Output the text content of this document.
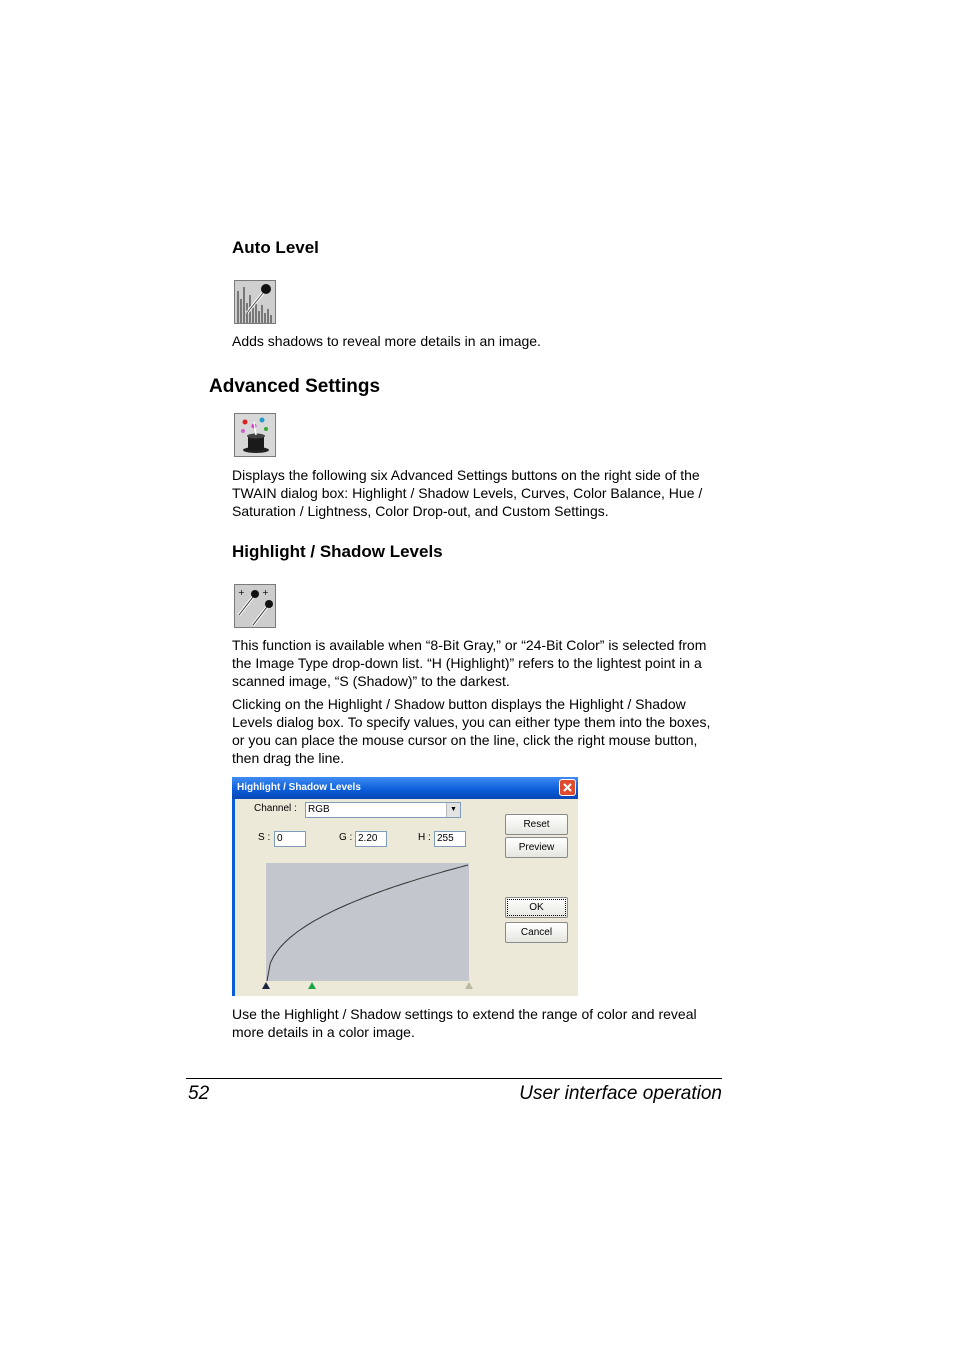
Auto Level
Adds shadows to reveal more details in an image.
Advanced Settings
Displays the following six Advanced Settings buttons on the right side of the
TWAIN dialog box: Highlight / Shadow Levels, Curves, Color Balance, Hue /
Saturation / Lightness, Color Drop-out, and Custom Settings.
Highlight / Shadow Levels
+ +
This function is available when “8-Bit Gray,” or “24-Bit Color” is selected from
the Image Type drop-down list. “H (Highlight)” refers to the lightest point in a
scanned image, “S (Shadow)” to the darkest.
Clicking on the Highlight / Shadow button displays the Highlight / Shadow
Levels dialog box. To specify values, you can either type them into the boxes,
or you can place the mouse cursor on the line, click the right mouse button,
then drag the line.
Highlight / Shadow Levels
Channel :	RGB	▼
S : 0	G : 2.20	H : 255
Reset
Preview
OK
Cancel
Use the Highlight / Shadow settings to extend the range of color and reveal
more details in a color image.
52	User interface operation
